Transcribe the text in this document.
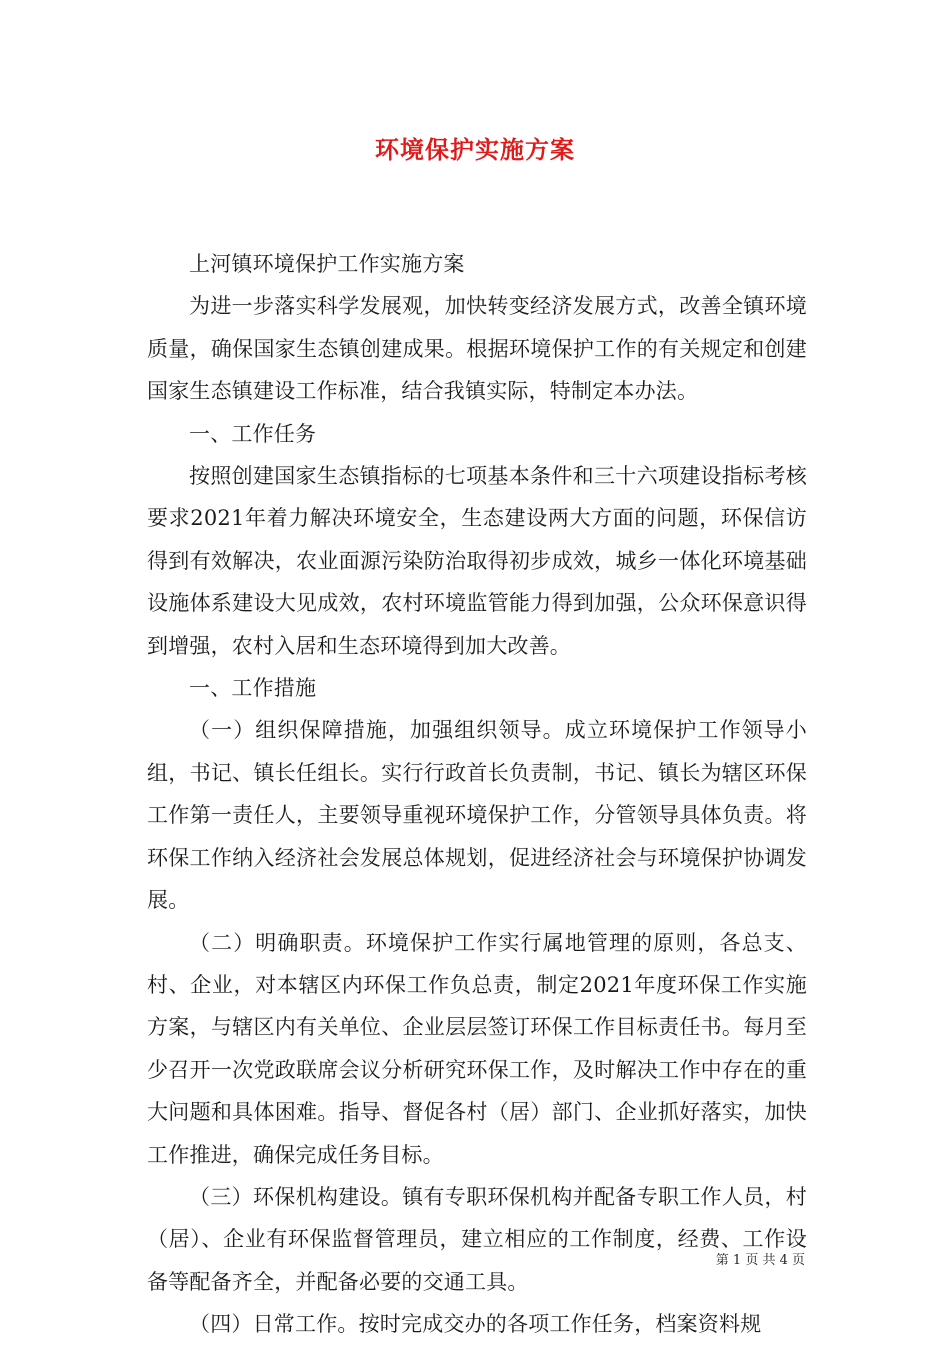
环境保护实施方案

上河镇环境保护工作实施方案

为进一步落实科学发展观，加快转变经济发展方式，改善全镇环境质量，确保国家生态镇创建成果。根据环境保护工作的有关规定和创建国家生态镇建设工作标准，结合我镇实际，特制定本办法。

一、工作任务

按照创建国家生态镇指标的七项基本条件和三十六项建设指标考核要求2021年着力解决环境安全，生态建设两大方面的问题，环保信访得到有效解决，农业面源污染防治取得初步成效，城乡一体化环境基础设施体系建设大见成效，农村环境监管能力得到加强，公众环保意识得到增强，农村入居和生态环境得到加大改善。

一、工作措施

（一）组织保障措施，加强组织领导。成立环境保护工作领导小组，书记、镇长任组长。实行行政首长负责制，书记、镇长为辖区环保工作第一责任人，主要领导重视环境保护工作，分管领导具体负责。将环保工作纳入经济社会发展总体规划，促进经济社会与环境保护协调发展。

（二）明确职责。环境保护工作实行属地管理的原则，各总支、村、企业，对本辖区内环保工作负总责，制定2021年度环保工作实施方案，与辖区内有关单位、企业层层签订环保工作目标责任书。每月至少召开一次党政联席会议分析研究环保工作，及时解决工作中存在的重大问题和具体困难。指导、督促各村（居）部门、企业抓好落实，加快工作推进，确保完成任务目标。

（三）环保机构建设。镇有专职环保机构并配备专职工作人员，村（居）、企业有环保监督管理员，建立相应的工作制度，经费、工作设备等配备齐全，并配备必要的交通工具。

（四）日常工作。按时完成交办的各项工作任务，档案资料规

第 1 页 共 4 页
